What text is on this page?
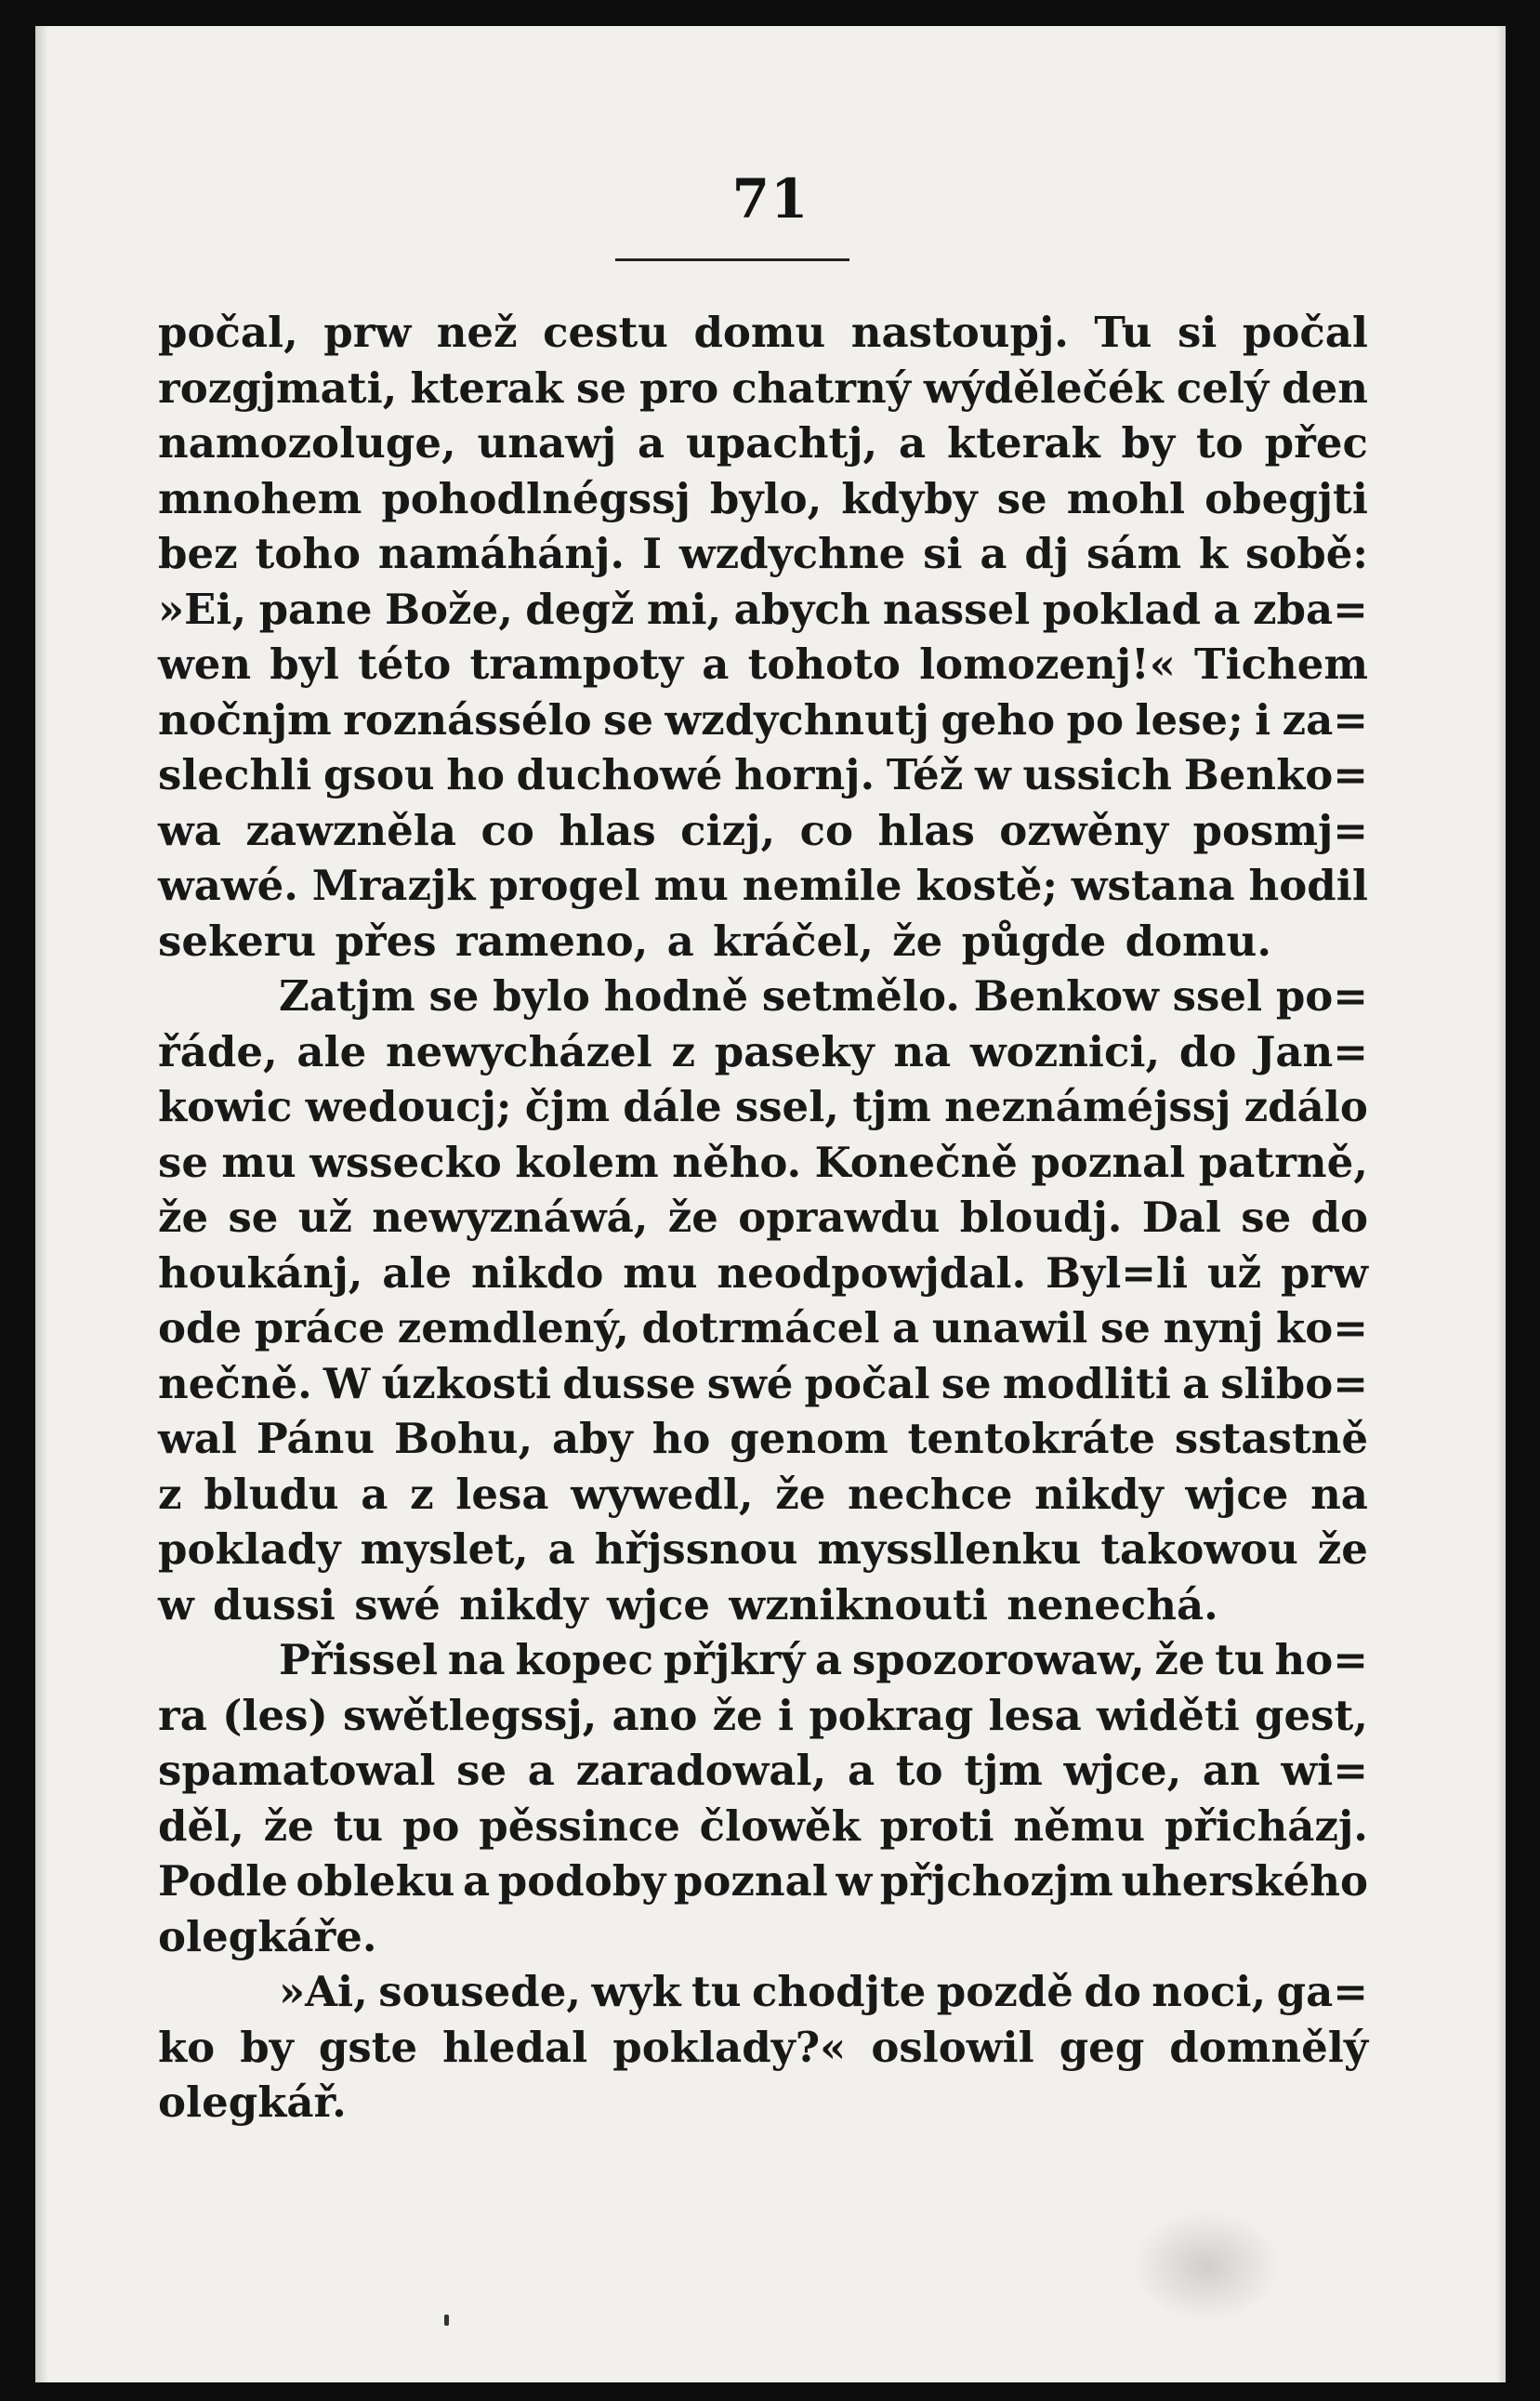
71
počal, prw než cestu domu nastoupj. Tu si počal
rozgjmati, kterak se pro chatrný wýdělečék celý den
namozoluge, unawj a upachtj, a kterak by to přec
mnohem pohodlnégssj bylo, kdyby se mohl obegjti
bez toho namáhánj. I wzdychne si a dj sám k sobě:
»Ei, pane Bože, degž mi, abych nassel poklad a zba=
wen byl této trampoty a tohoto lomozenj!« Tichem
nočnjm roznássélo se wzdychnutj geho po lese; i za=
slechli gsou ho duchowé hornj. Též w ussich Benko=
wa zawzněla co hlas cizj, co hlas ozwěny posmj=
wawé. Mrazjk progel mu nemile kostě; wstana hodil
sekeru přes rameno, a kráčel, že půgde domu.
Zatjm se bylo hodně setmělo. Benkow ssel po=
řáde, ale newycházel z paseky na woznici, do Jan=
kowic wedoucj; čjm dále ssel, tjm neznáméjssj zdálo
se mu wssecko kolem něho. Konečně poznal patrně,
že se už newyznáwá, že oprawdu bloudj. Dal se do
houkánj, ale nikdo mu neodpowjdal. Byl=li už prw
ode práce zemdlený, dotrmácel a unawil se nynj ko=
nečně. W úzkosti dusse swé počal se modliti a slibo=
wal Pánu Bohu, aby ho genom tentokráte sstastně
z bludu a z lesa wywedl, že nechce nikdy wjce na
poklady myslet, a hřjssnou myssllenku takowou že
w dussi swé nikdy wjce wzniknouti nenechá.
Přissel na kopec přjkrý a spozorowaw, že tu ho=
ra (les) swětlegssj, ano že i pokrag lesa widěti gest,
spamatowal se a zaradowal, a to tjm wjce, an wi=
děl, že tu po pěssince člowěk proti němu přicházj.
Podle obleku a podoby poznal w přjchozjm uherského
olegkáře.
»Ai, sousede, wyk tu chodjte pozdě do noci, ga=
ko by gste hledal poklady?« oslowil geg domnělý
olegkář.
